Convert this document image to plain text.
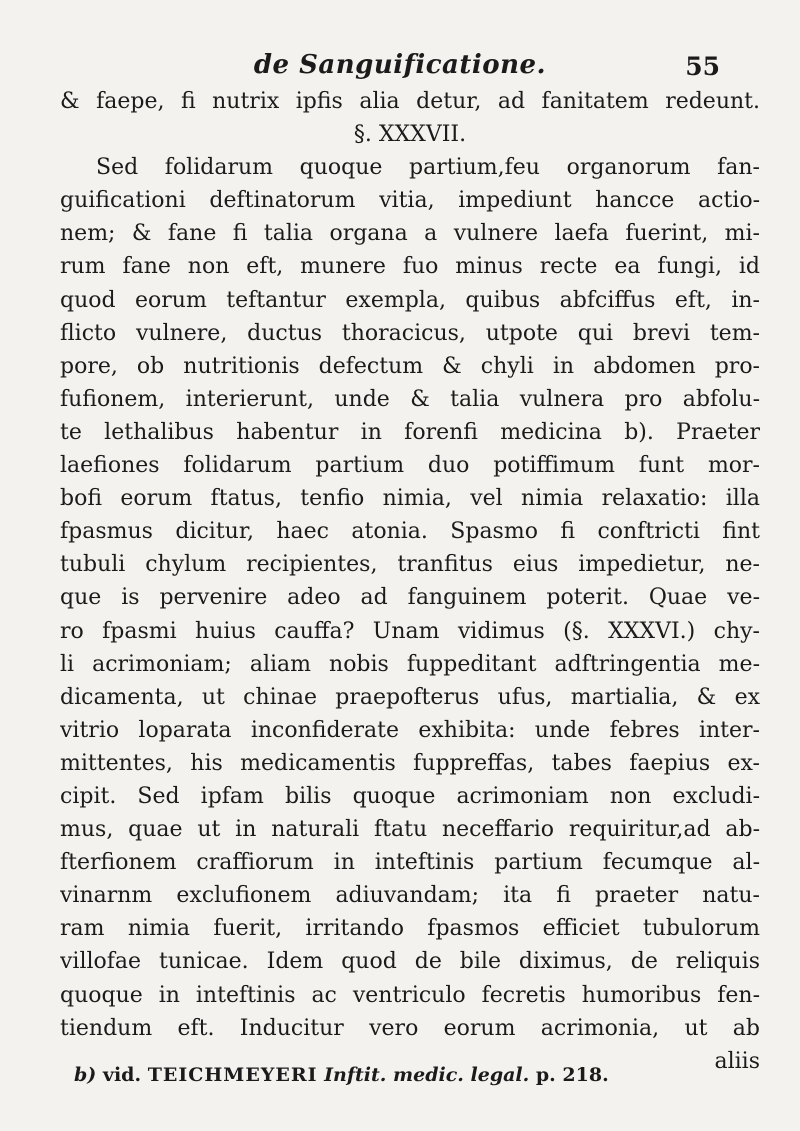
de Sanguificatione.	55
& faepe, fi nutrix ipfis alia detur, ad fanitatem redeunt.
§. XXXVII.
Sed folidarum quoque partium,feu organorum fan-
guificationi deftinatorum vitia, impediunt hancce actio-
nem; & fane fi talia organa a vulnere laefa fuerint, mi-
rum fane non eft, munere fuo minus recte ea fungi, id
quod eorum teftantur exempla, quibus abfciffus eft, in-
flicto vulnere, ductus thoracicus, utpote qui brevi tem-
pore, ob nutritionis defectum & chyli in abdomen pro-
fufionem, interierunt, unde & talia vulnera pro abfolu-
te lethalibus habentur in forenfi medicina b). Praeter
laefiones folidarum partium duo potiffimum funt mor-
bofi eorum ftatus, tenfio nimia, vel nimia relaxatio: illa
fpasmus dicitur, haec atonia. Spasmo fi conftricti fint
tubuli chylum recipientes, tranfitus eius impedietur, ne-
que is pervenire adeo ad fanguinem poterit. Quae ve-
ro fpasmi huius cauffa? Unam vidimus (§. XXXVI.) chy-
li acrimoniam; aliam nobis fuppeditant adftringentia me-
dicamenta, ut chinae praepofterus ufus, martialia, & ex
vitrio loparata inconfiderate exhibita: unde febres inter-
mittentes, his medicamentis fuppreffas, tabes faepius ex-
cipit. Sed ipfam bilis quoque acrimoniam non excludi-
mus, quae ut in naturali ftatu neceffario requiritur,ad ab-
fterfionem craffiorum in inteftinis partium fecumque al-
vinarnm exclufionem adiuvandam; ita fi praeter natu-
ram nimia fuerit, irritando fpasmos efficiet tubulorum
villofae tunicae. Idem quod de bile diximus, de reliquis
quoque in inteftinis ac ventriculo fecretis humoribus fen-
tiendum eft. Inducitur vero eorum acrimonia, ut ab
aliis
b) vid. TEICHMEYERI Inftit. medic. legal. p. 218.
